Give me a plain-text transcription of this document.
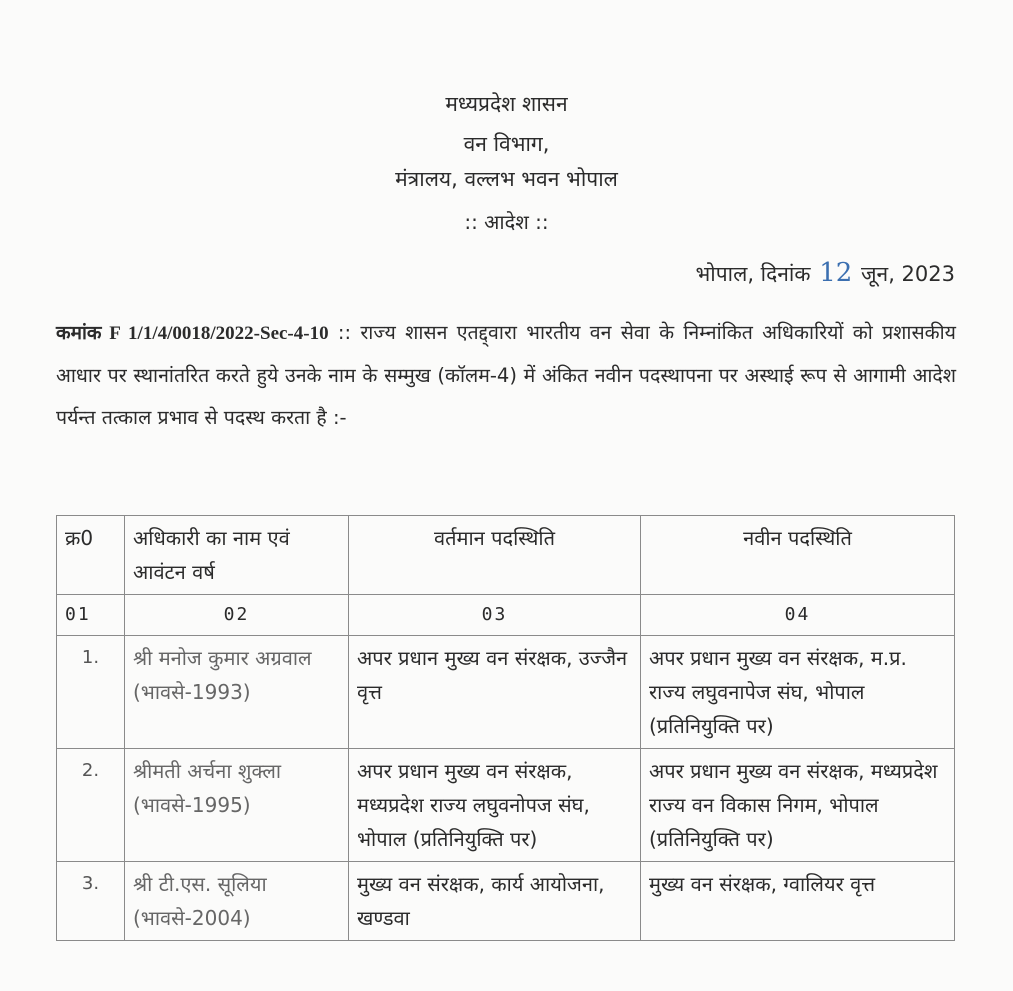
मध्यप्रदेश शासन
वन विभाग,
मंत्रालय, वल्लभ भवन भोपाल
:: आदेश ::
भोपाल, दिनांक 12 जून, 2023
कमांक F 1/1/4/0018/2022-Sec-4-10 :: राज्य शासन एतद्द्वारा भारतीय वन सेवा के निम्नांकित अधिकारियों को प्रशासकीय आधार पर स्थानांतरित करते हुये उनके नाम के सम्मुख (कॉलम-4) में अंकित नवीन पदस्थापना पर अस्थाई रूप से आगामी आदेश पर्यन्त तत्काल प्रभाव से पदस्थ करता है :-
क्र0	अधिकारी का नाम एवं आवंटन वर्ष	वर्तमान पदस्थिति	नवीन पदस्थिति
01	02	03	04
1.	श्री मनोज कुमार अग्रवाल (भावसे-1993)	अपर प्रधान मुख्य वन संरक्षक, उज्जैन वृत्त	अपर प्रधान मुख्य वन संरक्षक, म.प्र. राज्य लघुवनापेज संघ, भोपाल (प्रतिनियुक्ति पर)
2.	श्रीमती अर्चना शुक्ला (भावसे-1995)	अपर प्रधान मुख्य वन संरक्षक, मध्यप्रदेश राज्य लघुवनोपज संघ, भोपाल (प्रतिनियुक्ति पर)	अपर प्रधान मुख्य वन संरक्षक, मध्यप्रदेश राज्य वन विकास निगम, भोपाल (प्रतिनियुक्ति पर)
3.	श्री टी.एस. सूलिया (भावसे-2004)	मुख्य वन संरक्षक, कार्य आयोजना, खण्डवा	मुख्य वन संरक्षक, ग्वालियर वृत्त
